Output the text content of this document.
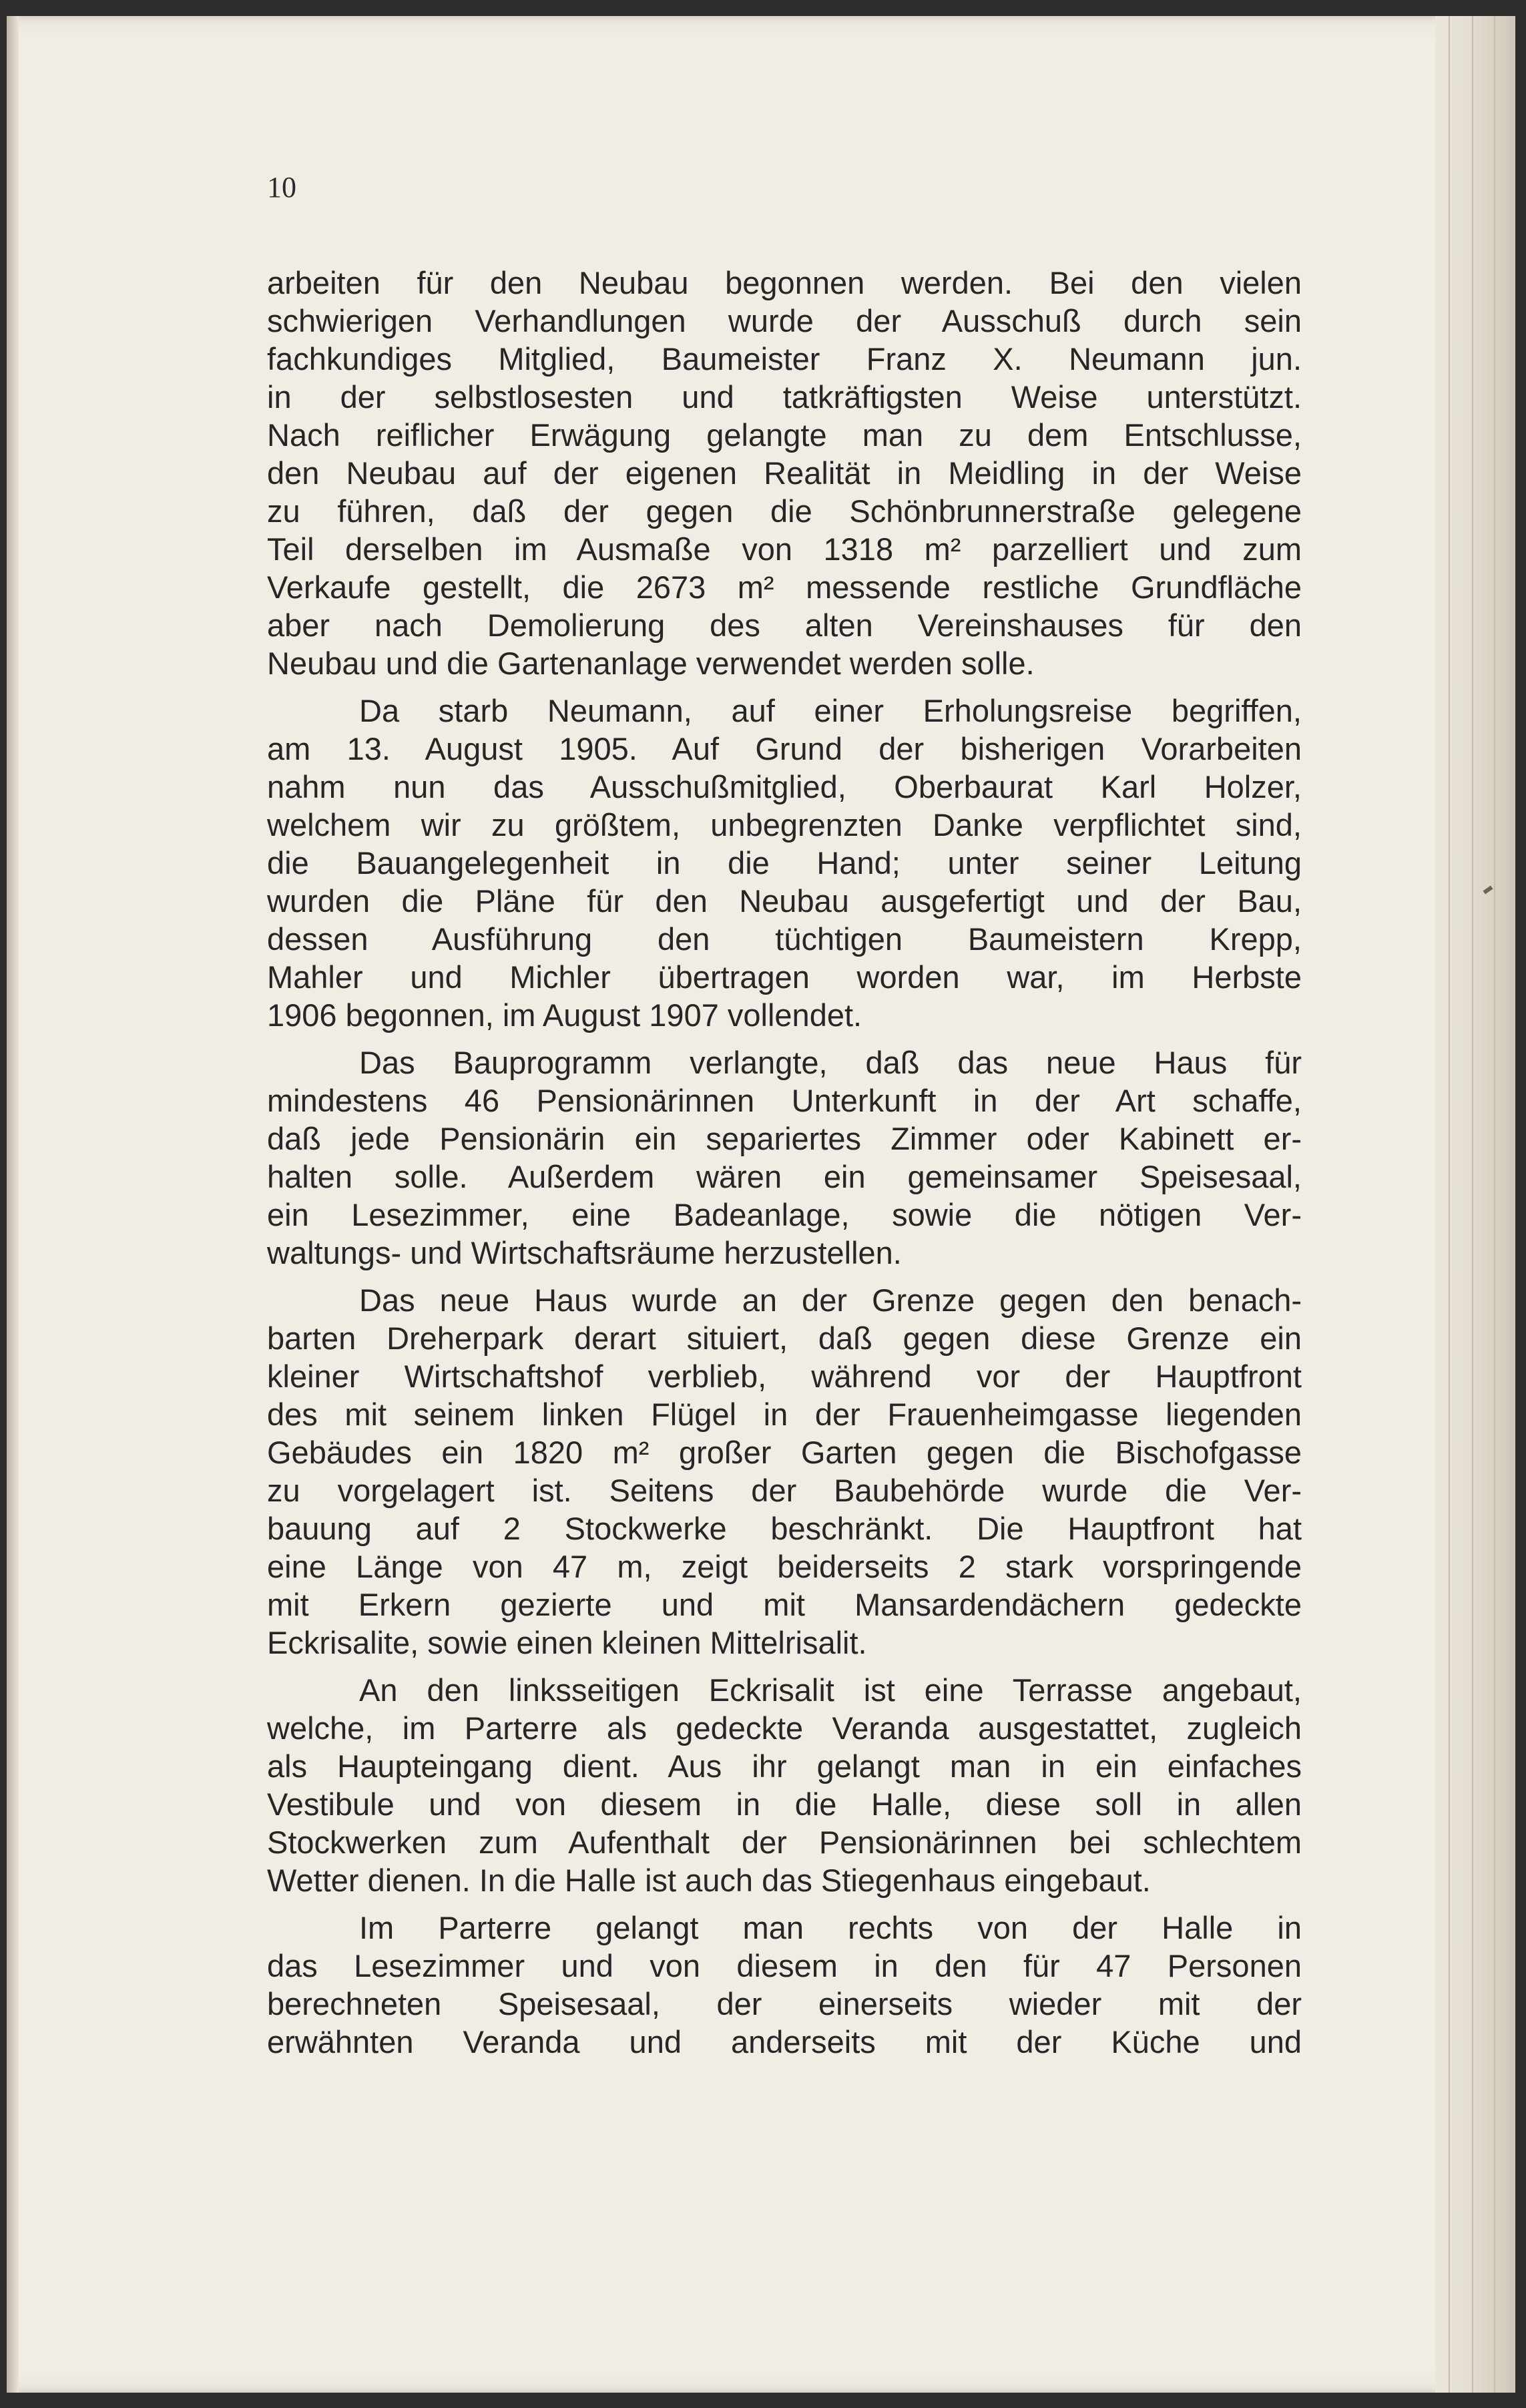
10
arbeiten für den Neubau begonnen werden. Bei den vielen
schwierigen Verhandlungen wurde der Ausschuß durch sein
fachkundiges Mitglied, Baumeister Franz X. Neumann jun.
in der selbstlosesten und tatkräftigsten Weise unterstützt.
Nach reiflicher Erwägung gelangte man zu dem Entschlusse,
den Neubau auf der eigenen Realität in Meidling in der Weise
zu führen, daß der gegen die Schönbrunnerstraße gelegene
Teil derselben im Ausmaße von 1318 m² parzelliert und zum
Verkaufe gestellt, die 2673 m² messende restliche Grundfläche
aber nach Demolierung des alten Vereinshauses für den
Neubau und die Gartenanlage verwendet werden solle.
Da starb Neumann, auf einer Erholungsreise begriffen,
am 13. August 1905. Auf Grund der bisherigen Vorarbeiten
nahm nun das Ausschußmitglied, Oberbaurat Karl Holzer,
welchem wir zu größtem, unbegrenzten Danke verpflichtet sind,
die Bauangelegenheit in die Hand; unter seiner Leitung
wurden die Pläne für den Neubau ausgefertigt und der Bau,
dessen Ausführung den tüchtigen Baumeistern Krepp,
Mahler und Michler übertragen worden war, im Herbste
1906 begonnen, im August 1907 vollendet.
Das Bauprogramm verlangte, daß das neue Haus für
mindestens 46 Pensionärinnen Unterkunft in der Art schaffe,
daß jede Pensionärin ein separiertes Zimmer oder Kabinett er-
halten solle. Außerdem wären ein gemeinsamer Speisesaal,
ein Lesezimmer, eine Badeanlage, sowie die nötigen Ver-
waltungs- und Wirtschaftsräume herzustellen.
Das neue Haus wurde an der Grenze gegen den benach-
barten Dreherpark derart situiert, daß gegen diese Grenze ein
kleiner Wirtschaftshof verblieb, während vor der Hauptfront
des mit seinem linken Flügel in der Frauenheimgasse liegenden
Gebäudes ein 1820 m² großer Garten gegen die Bischofgasse
zu vorgelagert ist. Seitens der Baubehörde wurde die Ver-
bauung auf 2 Stockwerke beschränkt. Die Hauptfront hat
eine Länge von 47 m, zeigt beiderseits 2 stark vorspringende
mit Erkern gezierte und mit Mansardendächern gedeckte
Eckrisalite, sowie einen kleinen Mittelrisalit.
An den linksseitigen Eckrisalit ist eine Terrasse angebaut,
welche, im Parterre als gedeckte Veranda ausgestattet, zugleich
als Haupteingang dient. Aus ihr gelangt man in ein einfaches
Vestibule und von diesem in die Halle, diese soll in allen
Stockwerken zum Aufenthalt der Pensionärinnen bei schlechtem
Wetter dienen. In die Halle ist auch das Stiegenhaus eingebaut.
Im Parterre gelangt man rechts von der Halle in
das Lesezimmer und von diesem in den für 47 Personen
berechneten Speisesaal, der einerseits wieder mit der
erwähnten Veranda und anderseits mit der Küche und
